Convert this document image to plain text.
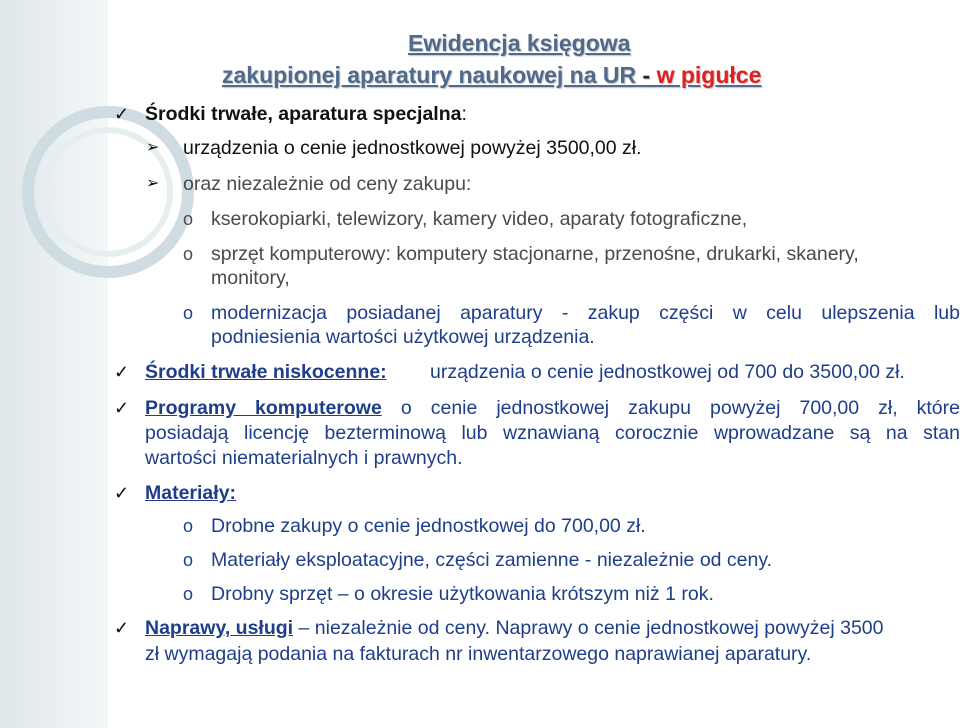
Ewidencja księgowa
zakupionej aparatury naukowej na UR - w pigułce
✓ Środki trwałe, aparatura specjalna:
➢ urządzenia o cenie jednostkowej powyżej 3500,00 zł.
➢ oraz niezależnie od ceny zakupu:
o kserokopiarki, telewizory, kamery video, aparaty fotograficzne,
o sprzęt komputerowy: komputery stacjonarne, przenośne, drukarki, skanery,
monitory,
o modernizacja posiadanej aparatury - zakup części w celu ulepszenia lub
podniesienia wartości użytkowej urządzenia.
✓ Środki trwałe niskocenne: urządzenia o cenie jednostkowej od 700 do 3500,00 zł.
✓ Programy komputerowe o cenie jednostkowej zakupu powyżej 700,00 zł, które
posiadają licencję bezterminową lub wznawianą corocznie wprowadzane są na stan
wartości niematerialnych i prawnych.
✓ Materiały:
o Drobne zakupy o cenie jednostkowej do 700,00 zł.
o Materiały eksploatacyjne, części zamienne - niezależnie od ceny.
o Drobny sprzęt – o okresie użytkowania krótszym niż 1 rok.
✓ Naprawy, usługi – niezależnie od ceny. Naprawy o cenie jednostkowej powyżej 3500
zł wymagają podania na fakturach nr inwentarzowego naprawianej aparatury.
